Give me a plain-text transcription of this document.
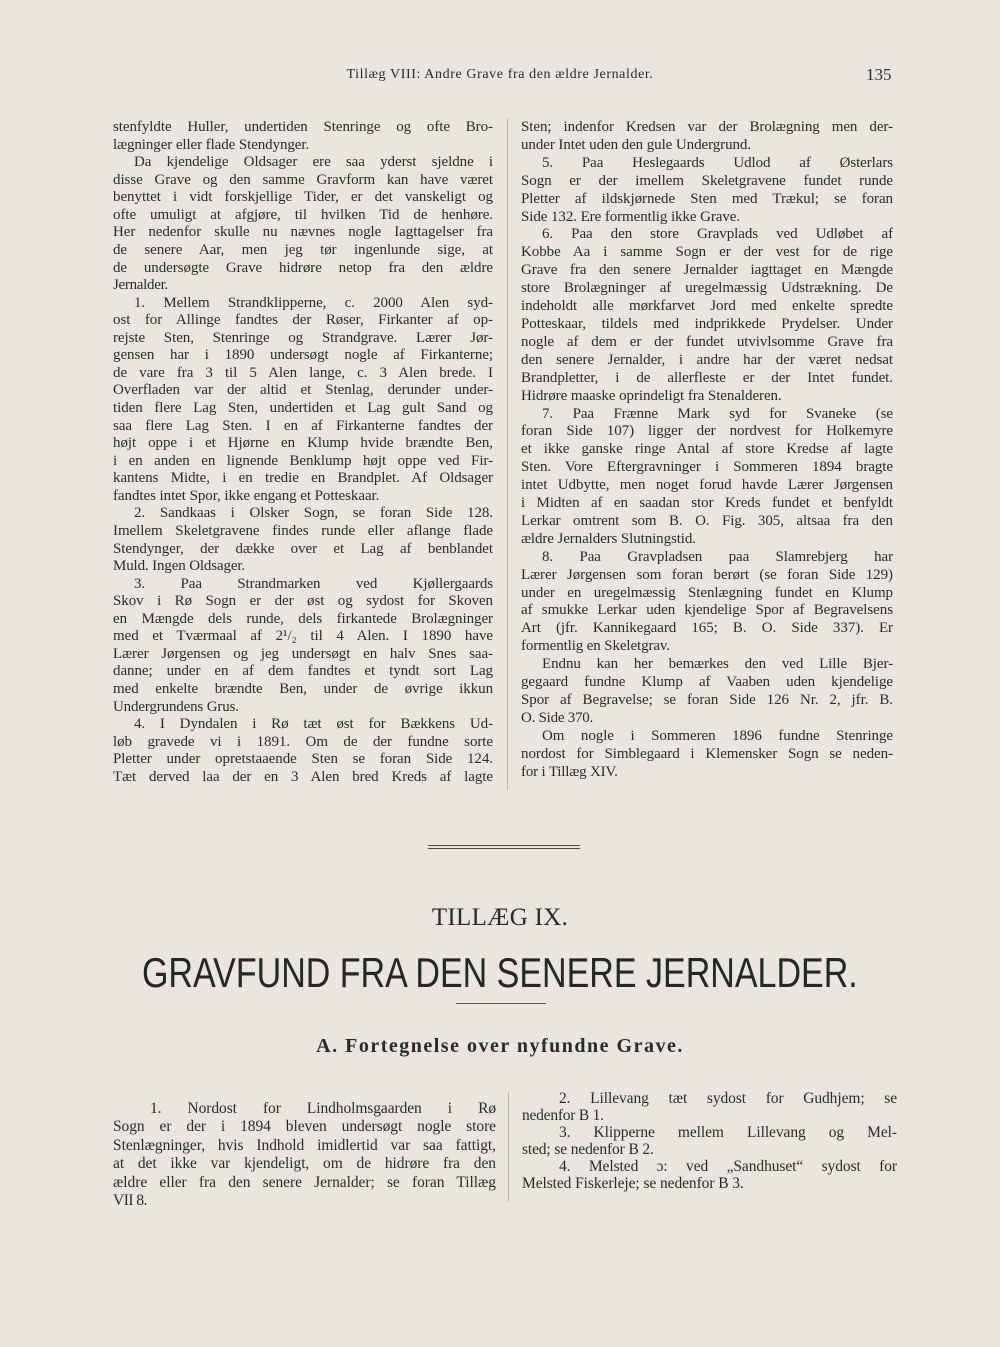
Tillæg VIII: Andre Grave fra den ældre Jernalder.	135
stenfyldte Huller, undertiden Stenringe og ofte Bro-
lægninger eller flade Stendynger.
Da kjendelige Oldsager ere saa yderst sjeldne i
disse Grave og den samme Gravform kan have været
benyttet i vidt forskjellige Tider, er det vanskeligt og
ofte umuligt at afgjøre, til hvilken Tid de henhøre.
Her nedenfor skulle nu nævnes nogle Iagttagelser fra
de senere Aar, men jeg tør ingenlunde sige, at
de undersøgte Grave hidrøre netop fra den ældre
Jernalder.
1. Mellem Strandklipperne, c. 2000 Alen syd-
ost for Allinge fandtes der Røser, Firkanter af op-
rejste Sten, Stenringe og Strandgrave. Lærer Jør-
gensen har i 1890 undersøgt nogle af Firkanterne;
de vare fra 3 til 5 Alen lange, c. 3 Alen brede. I
Overfladen var der altid et Stenlag, derunder under-
tiden flere Lag Sten, undertiden et Lag gult Sand og
saa flere Lag Sten. I en af Firkanterne fandtes der
højt oppe i et Hjørne en Klump hvide brændte Ben,
i en anden en lignende Benklump højt oppe ved Fir-
kantens Midte, i en tredie en Brandplet. Af Oldsager
fandtes intet Spor, ikke engang et Potteskaar.
2. Sandkaas i Olsker Sogn, se foran Side 128.
Imellem Skeletgravene findes runde eller aflange flade
Stendynger, der dække over et Lag af benblandet
Muld. Ingen Oldsager.
3. Paa Strandmarken ved Kjøllergaards
Skov i Rø Sogn er der øst og sydost for Skoven
en Mængde dels runde, dels firkantede Brolægninger
med et Tværmaal af 2¹/₂ til 4 Alen. I 1890 have
Lærer Jørgensen og jeg undersøgt en halv Snes saa-
danne; under en af dem fandtes et tyndt sort Lag
med enkelte brændte Ben, under de øvrige ikkun
Undergrundens Grus.
4. I Dyndalen i Rø tæt øst for Bækkens Ud-
løb gravede vi i 1891. Om de der fundne sorte
Pletter under opretstaaende Sten se foran Side 124.
Tæt derved laa der en 3 Alen bred Kreds af lagte
Sten; indenfor Kredsen var der Brolægning men der-
under Intet uden den gule Undergrund.
5. Paa Heslegaards Udlod af Østerlars
Sogn er der imellem Skeletgravene fundet runde
Pletter af ildskjørnede Sten med Trækul; se foran
Side 132. Ere formentlig ikke Grave.
6. Paa den store Gravplads ved Udløbet af
Kobbe Aa i samme Sogn er der vest for de rige
Grave fra den senere Jernalder iagttaget en Mængde
store Brolægninger af uregelmæssig Udstrækning. De
indeholdt alle mørkfarvet Jord med enkelte spredte
Potteskaar, tildels med indprikkede Prydelser. Under
nogle af dem er der fundet utvivlsomme Grave fra
den senere Jernalder, i andre har der været nedsat
Brandpletter, i de allerfleste er der Intet fundet.
Hidrøre maaske oprindeligt fra Stenalderen.
7. Paa Frænne Mark syd for Svaneke (se
foran Side 107) ligger der nordvest for Holkemyre
et ikke ganske ringe Antal af store Kredse af lagte
Sten. Vore Eftergravninger i Sommeren 1894 bragte
intet Udbytte, men noget forud havde Lærer Jørgensen
i Midten af en saadan stor Kreds fundet et benfyldt
Lerkar omtrent som B. O. Fig. 305, altsaa fra den
ældre Jernalders Slutningstid.
8. Paa Gravpladsen paa Slamrebjerg har
Lærer Jørgensen som foran berørt (se foran Side 129)
under en uregelmæssig Stenlægning fundet en Klump
af smukke Lerkar uden kjendelige Spor af Begravelsens
Art (jfr. Kannikegaard 165; B. O. Side 337). Er
formentlig en Skeletgrav.
Endnu kan her bemærkes den ved Lille Bjer-
gegaard fundne Klump af Vaaben uden kjendelige
Spor af Begravelse; se foran Side 126 Nr. 2, jfr. B.
O. Side 370.
Om nogle i Sommeren 1896 fundne Stenringe
nordost for Simblegaard i Klemensker Sogn se neden-
for i Tillæg XIV.
TILLÆG IX.
GRAVFUND FRA DEN SENERE JERNALDER.
A. Fortegnelse over nyfundne Grave.
1. Nordost for Lindholmsgaarden i Rø
Sogn er der i 1894 bleven undersøgt nogle store
Stenlægninger, hvis Indhold imidlertid var saa fattigt,
at det ikke var kjendeligt, om de hidrøre fra den
ældre eller fra den senere Jernalder; se foran Tillæg
VII 8.
2. Lillevang tæt sydost for Gudhjem; se
nedenfor B 1.
3. Klipperne mellem Lillevang og Mel-
sted; se nedenfor B 2.
4. Melsted ɔ: ved „Sandhuset“ sydost for
Melsted Fiskerleje; se nedenfor B 3.
